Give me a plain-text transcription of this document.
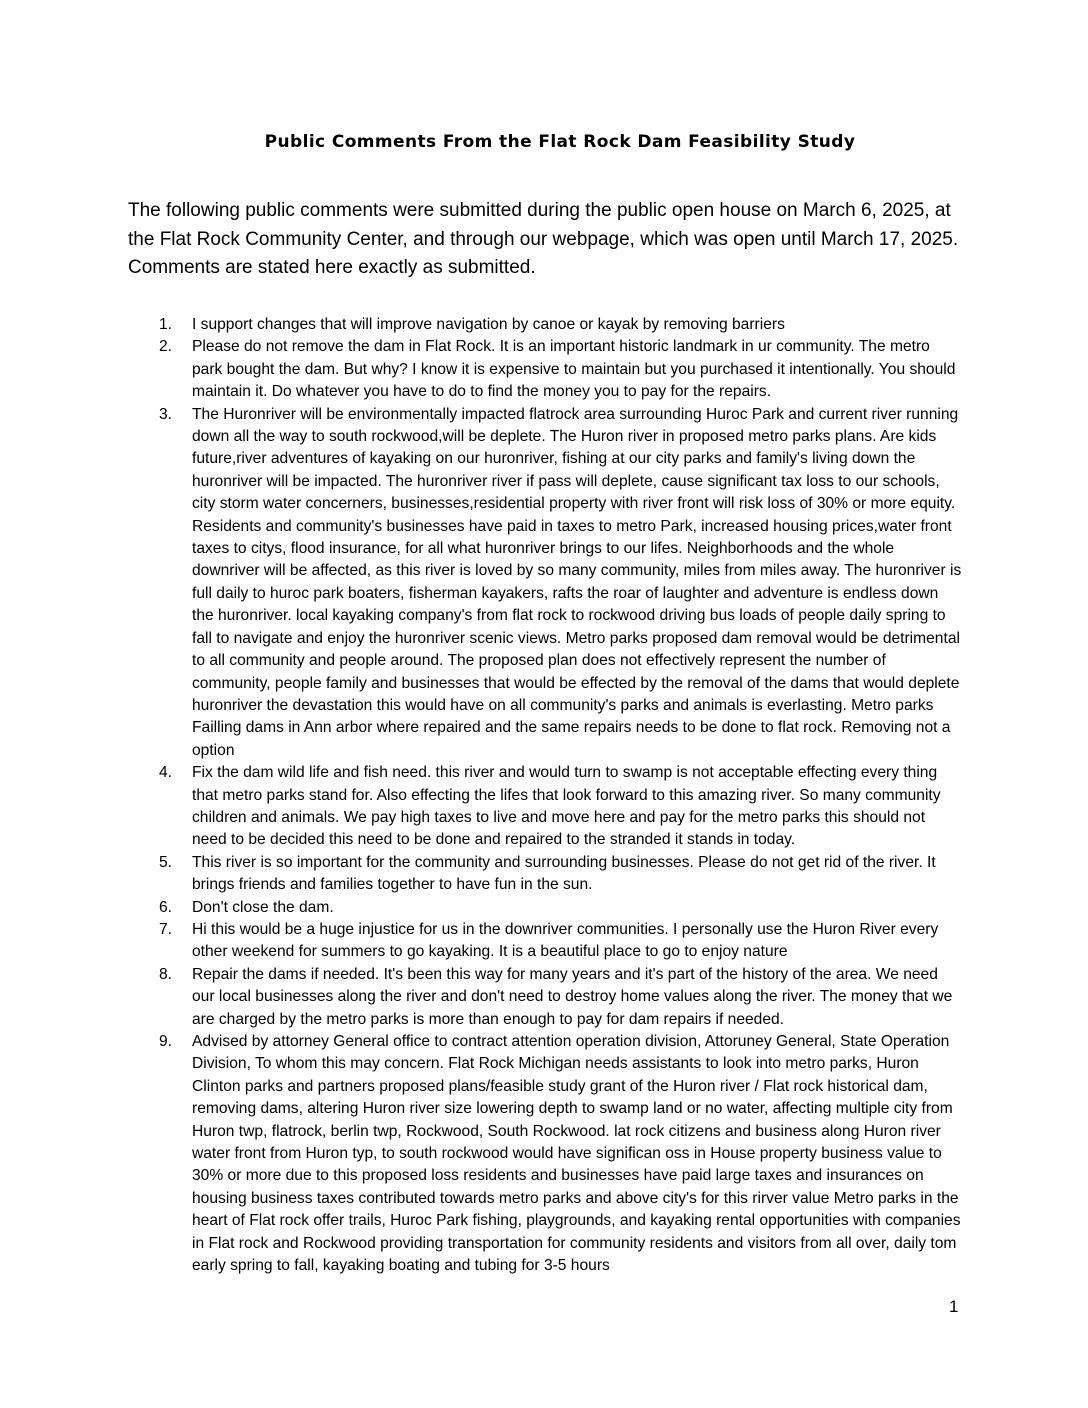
Public Comments From the Flat Rock Dam Feasibility Study

The following public comments were submitted during the public open house on March 6, 2025, at the Flat Rock Community Center, and through our webpage, which was open until March 17, 2025. Comments are stated here exactly as submitted.

1. I support changes that will improve navigation by canoe or kayak by removing barriers
2. Please do not remove the dam in Flat Rock. It is an important historic landmark in ur community. The metro park bought the dam. But why? I know it is expensive to maintain but you purchased it intentionally. You should maintain it. Do whatever you have to do to find the money you to pay for the repairs.
3. The Huronriver will be environmentally impacted flatrock area surrounding Huroc Park and current river running down all the way to south rockwood,will be deplete. The Huron river in proposed metro parks plans. Are kids future,river adventures of kayaking on our huronriver, fishing at our city parks and family's living down the huronriver will be impacted. The huronriver river if pass will deplete, cause significant tax loss to our schools, city storm water concerners, businesses,residential property with river front will risk loss of 30% or more equity. Residents and community's businesses have paid in taxes to metro Park, increased housing prices,water front taxes to citys, flood insurance, for all what huronriver brings to our lifes. Neighborhoods and the whole downriver will be affected, as this river is loved by so many community, miles from miles away. The huronriver is full daily to huroc park boaters, fisherman kayakers, rafts the roar of laughter and adventure is endless down the huronriver. local kayaking company's from flat rock to rockwood driving bus loads of people daily spring to fall to navigate and enjoy the huronriver scenic views. Metro parks proposed dam removal would be detrimental to all community and people around. The proposed plan does not effectively represent the number of community, people family and businesses that would be effected by the removal of the dams that would deplete huronriver the devastation this would have on all community's parks and animals is everlasting. Metro parks Failling dams in Ann arbor where repaired and the same repairs needs to be done to flat rock. Removing not a option
4. Fix the dam wild life and fish need. this river and would turn to swamp is not acceptable effecting every thing that metro parks stand for. Also effecting the lifes that look forward to this amazing river. So many community children and animals. We pay high taxes to live and move here and pay for the metro parks this should not need to be decided this need to be done and repaired to the stranded it stands in today.
5. This river is so important for the community and surrounding businesses. Please do not get rid of the river. It brings friends and families together to have fun in the sun.
6. Don't close the dam.
7. Hi this would be a huge injustice for us in the downriver communities. I personally use the Huron River every other weekend for summers to go kayaking. It is a beautiful place to go to enjoy nature
8. Repair the dams if needed. It's been this way for many years and it's part of the history of the area. We need our local businesses along the river and don't need to destroy home values along the river. The money that we are charged by the metro parks is more than enough to pay for dam repairs if needed.
9. Advised by attorney General office to contract attention operation division, Attoruney General, State Operation Division, To whom this may concern. Flat Rock Michigan needs assistants to look into metro parks, Huron Clinton parks and partners proposed plans/feasible study grant of the Huron river / Flat rock historical dam, removing dams, altering Huron river size lowering depth to swamp land or no water, affecting multiple city from Huron twp, flatrock, berlin twp, Rockwood, South Rockwood. lat rock citizens and business along Huron river water front from Huron typ, to south rockwood would have significan oss in House property business value to 30% or more due to this proposed loss residents and businesses have paid large taxes and insurances on housing business taxes contributed towards metro parks and above city's for this rirver value Metro parks in the heart of Flat rock offer trails, Huroc Park fishing, playgrounds, and kayaking rental opportunities with companies in Flat rock and Rockwood providing transportation for community residents and visitors from all over, daily tom early spring to fall, kayaking boating and tubing for 3-5 hours
1
